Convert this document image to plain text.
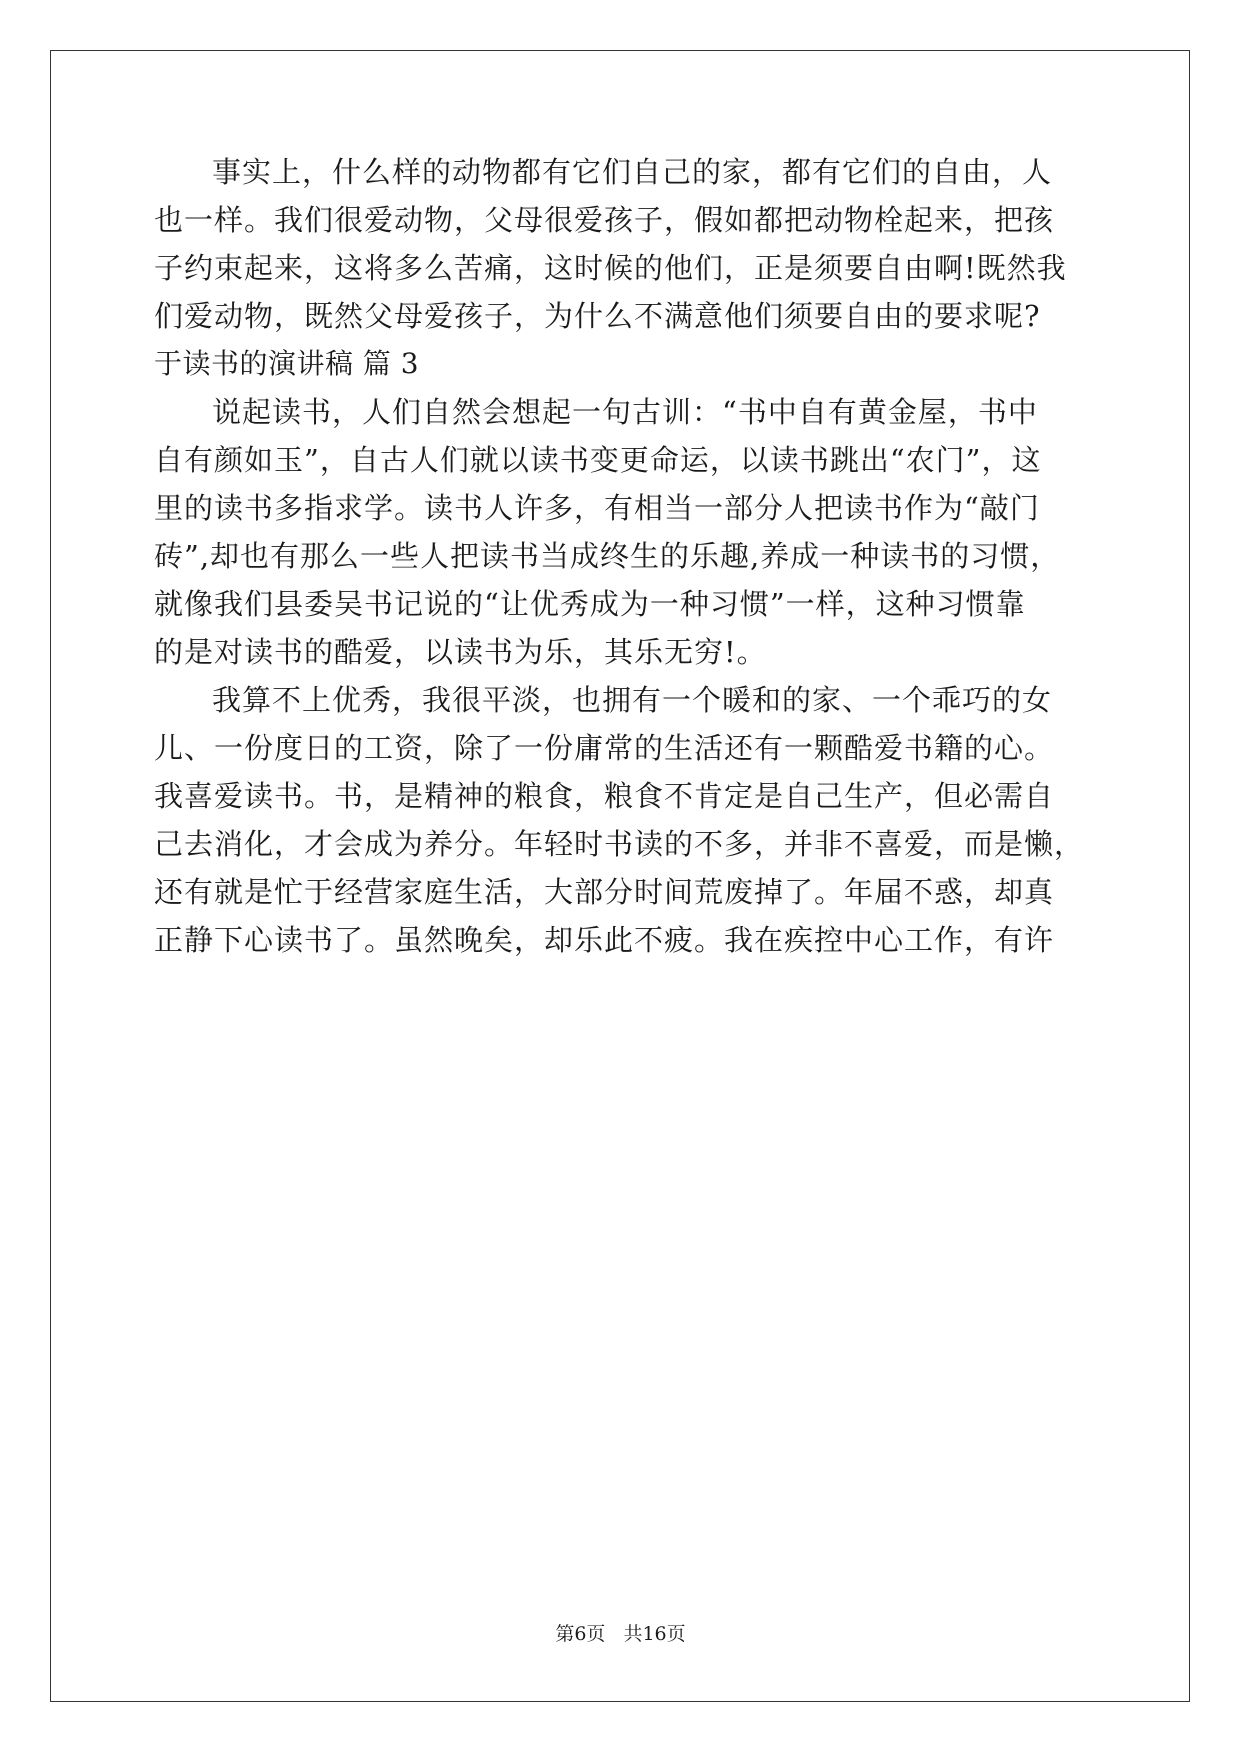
事实上，什么样的动物都有它们自己的家，都有它们的自由，人
也一样。我们很爱动物，父母很爱孩子，假如都把动物栓起来，把孩
子约束起来，这将多么苦痛，这时候的他们，正是须要自由啊!既然我
们爱动物，既然父母爱孩子，为什么不满意他们须要自由的要求呢?
于读书的演讲稿 篇 3
说起读书，人们自然会想起一句古训：“书中自有黄金屋，书中
自有颜如玉”，自古人们就以读书变更命运，以读书跳出“农门”，这
里的读书多指求学。读书人许多，有相当一部分人把读书作为“敲门
砖”,却也有那么一些人把读书当成终生的乐趣,养成一种读书的习惯，
就像我们县委吴书记说的“让优秀成为一种习惯”一样，这种习惯靠
的是对读书的酷爱，以读书为乐，其乐无穷!。
我算不上优秀，我很平淡，也拥有一个暖和的家、一个乖巧的女
儿、一份度日的工资，除了一份庸常的生活还有一颗酷爱书籍的心。
我喜爱读书。书，是精神的粮食，粮食不肯定是自己生产，但必需自
己去消化，才会成为养分。年轻时书读的不多，并非不喜爱，而是懒，
还有就是忙于经营家庭生活，大部分时间荒废掉了。年届不惑，却真
正静下心读书了。虽然晚矣，却乐此不疲。我在疾控中心工作，有许
第6页 共16页
